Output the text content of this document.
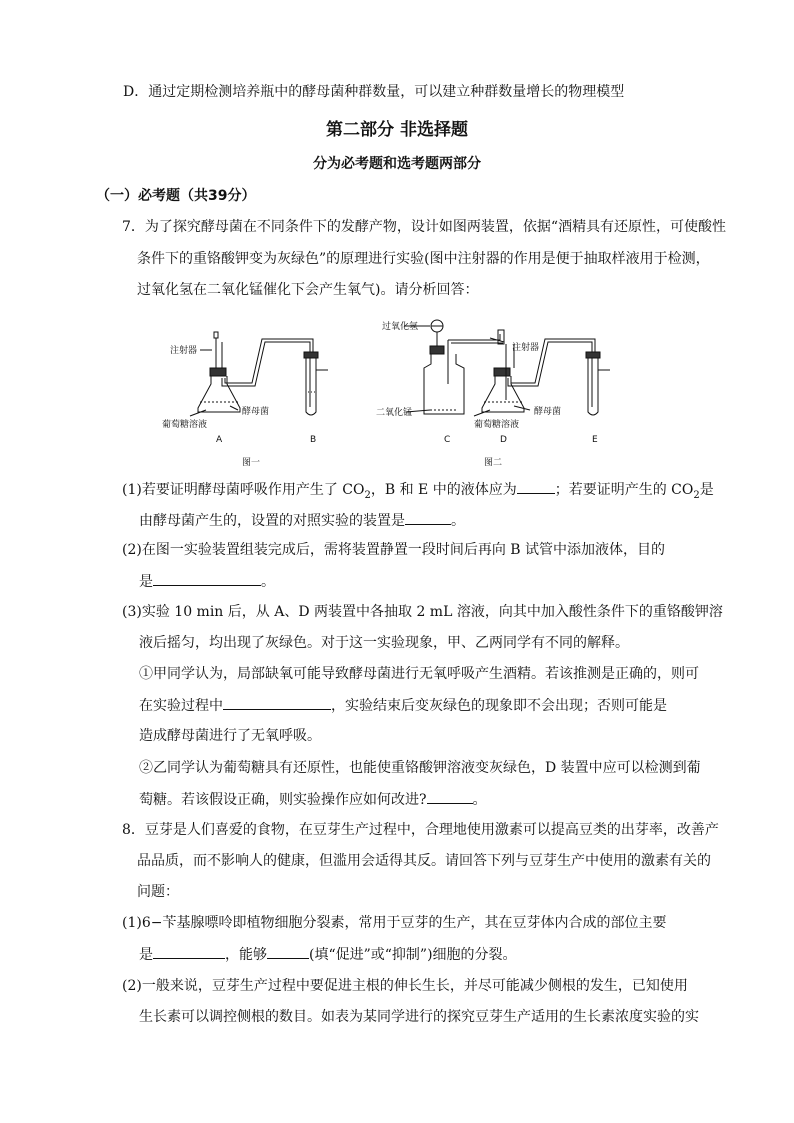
D．通过定期检测培养瓶中的酵母菌种群数量，可以建立种群数量增长的物理模型
第二部分 非选择题
分为必考题和选考题两部分
（一）必考题（共39分）
7．为了探究酵母菌在不同条件下的发酵产物，设计如图两装置，依据“酒精具有还原性，可使酸性
条件下的重铬酸钾变为灰绿色”的原理进行实验(图中注射器的作用是便于抽取样液用于检测，
过氧化氢在二氧化锰催化下会产生氧气)。请分析回答：
注射器
酵母菌
葡萄糖溶液
A	B
图一
过氧化氢
注射器
二氧化锰	酵母菌
葡萄糖溶液
C	D	E
图二
(1)若要证明酵母菌呼吸作用产生了 $CO_2$，B 和 E 中的液体应为	；若要证明产生的 $CO_2$是
由酵母菌产生的，设置的对照实验的装置是	。
(2)在图一实验装置组装完成后，需将装置静置一段时间后再向 B 试管中添加液体，目的
是	。
(3)实验 10 min 后，从 A、D 两装置中各抽取 2 mL 溶液，向其中加入酸性条件下的重铬酸钾溶
液后摇匀，均出现了灰绿色。对于这一实验现象，甲、乙两同学有不同的解释。
①甲同学认为，局部缺氧可能导致酵母菌进行无氧呼吸产生酒精。若该推测是正确的，则可
在实验过程中	，实验结束后变灰绿色的现象即不会出现；否则可能是
造成酵母菌进行了无氧呼吸。
②乙同学认为葡萄糖具有还原性，也能使重铬酸钾溶液变灰绿色，D 装置中应可以检测到葡
萄糖。若该假设正确，则实验操作应如何改进?	。
8．豆芽是人们喜爱的食物，在豆芽生产过程中，合理地使用激素可以提高豆类的出芽率，改善产
品品质，而不影响人的健康，但滥用会适得其反。请回答下列与豆芽生产中使用的激素有关的
问题：
(1)6−苄基腺嘌呤即植物细胞分裂素，常用于豆芽的生产，其在豆芽体内合成的部位主要
是	，能够	(填“促进”或“抑制”)细胞的分裂。
(2)一般来说，豆芽生产过程中要促进主根的伸长生长，并尽可能减少侧根的发生，已知使用
生长素可以调控侧根的数目。如表为某同学进行的探究豆芽生产适用的生长素浓度实验的实
